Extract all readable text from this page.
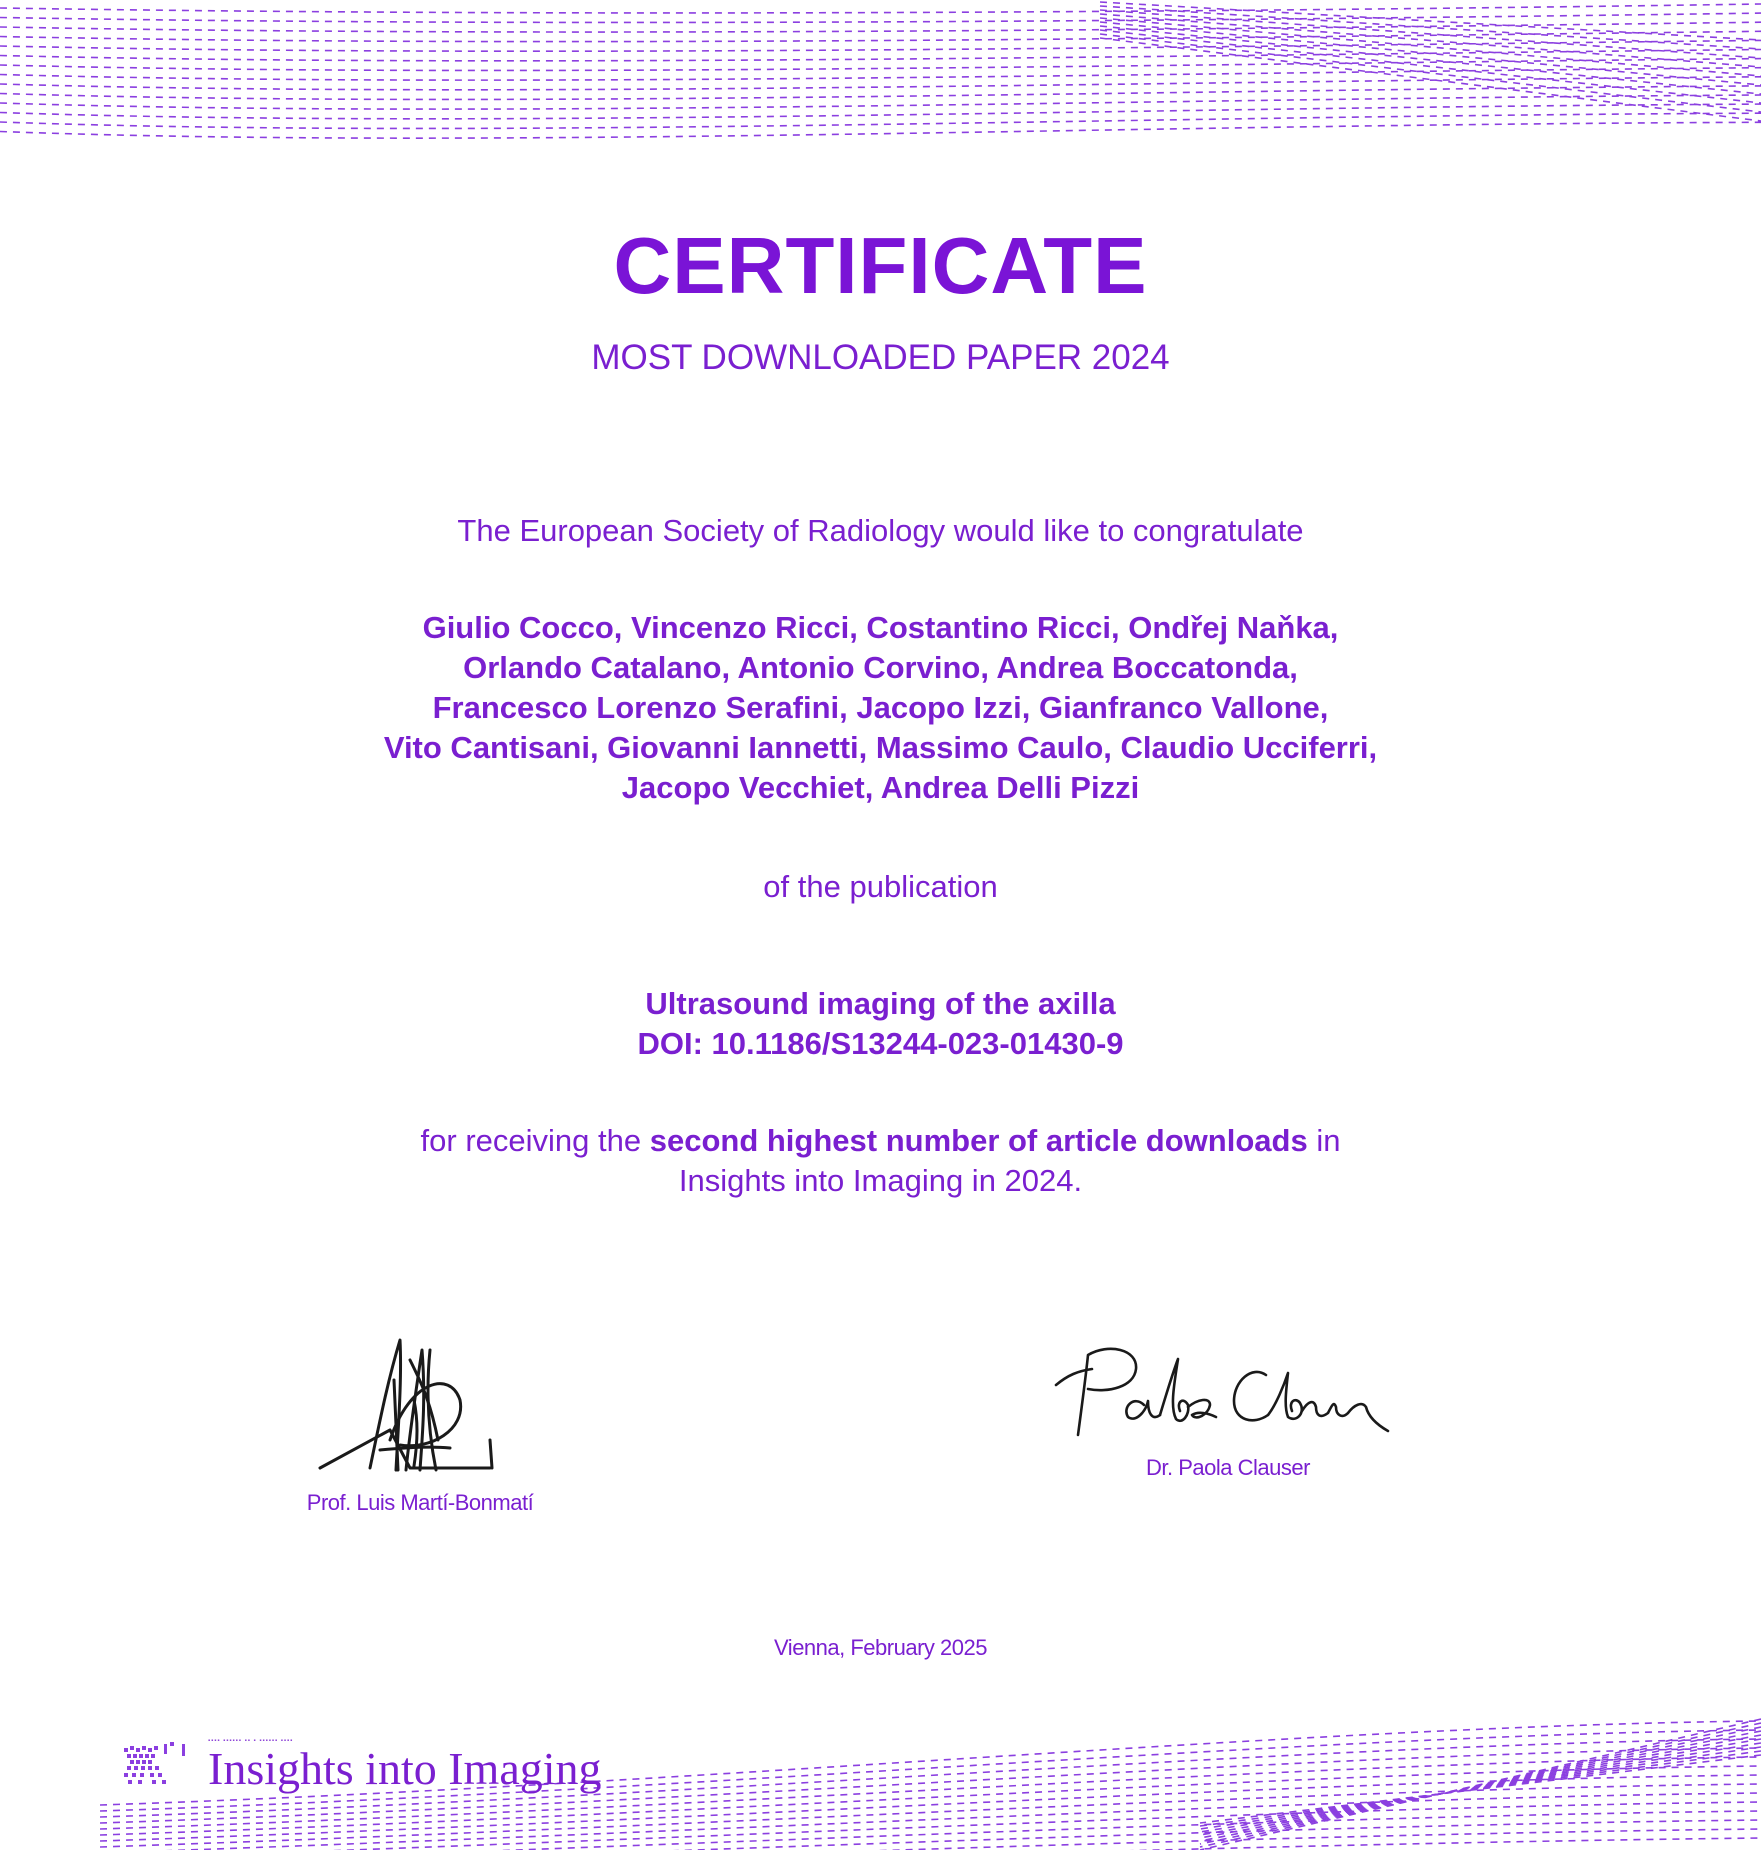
CERTIFICATE

MOST DOWNLOADED PAPER 2024

The European Society of Radiology would like to congratulate

Giulio Cocco, Vincenzo Ricci, Costantino Ricci, Ondřej Naňka,
Orlando Catalano, Antonio Corvino, Andrea Boccatonda,
Francesco Lorenzo Serafini, Jacopo Izzi, Gianfranco Vallone,
Vito Cantisani, Giovanni Iannetti, Massimo Caulo, Claudio Ucciferri,
Jacopo Vecchiet, Andrea Delli Pizzi

of the publication

Ultrasound imaging of the axilla
DOI: 10.1186/S13244-023-01430-9
for receiving the second highest number of article downloads in
Insights into Imaging in 2024.
Prof. Luis Martí-Bonmatí
Dr. Paola Clauser

Vienna, February 2025

▪▪▪▪ ▪▪▪▪▪▪ ▪▪ ▪ ▪▪▪▪▪▪ ▪▪▪▪
Insights into Imaging
